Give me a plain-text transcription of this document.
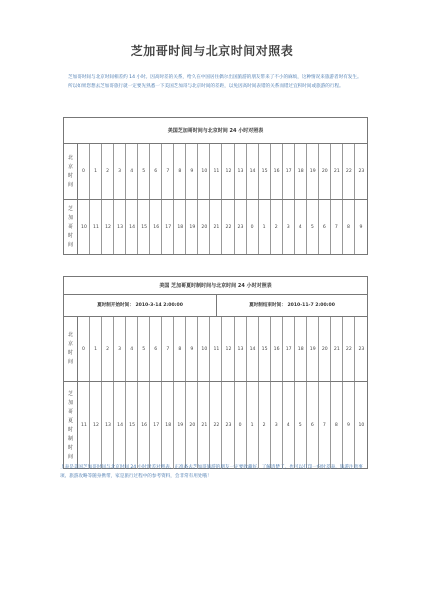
芝加哥时间与北京时间对照表
芝加哥时间与北京时间相差约 14 小时。因高时差的关系，给久在中国居住偶尔出国旅游的朋友带来了不小的麻烦，这种情况来旅游者时有发生。所以如果您想去芝加哥旅行就一定要先熟悉一下美国芝加哥与北京时间的差距，以免因高时间表错的关系而错过宜积时间或旅游的行程。
美国芝加哥时间与北京时间 24 小时对照表
北京时间
0 1 2 3 4 5 6 7 8 9 10 11 12 13 14 15 16 17 18 19 20 21 22 23
芝加哥时间
10 11 12 13 14 15 16 17 18 19 20 21 22 23 0 1 2 3 4 5 6 7 8 9
美国 芝加哥夏时制时间与北京时间 24 小时对照表
夏时制开始时间： 2010-3-14 2:00:00	夏时制结束时间： 2010-11-7 2:00:00
北京时间
0 1 2 3 4 5 6 7 8 9 10 11 12 13 14 15 16 17 18 19 20 21 22 23
芝加哥夏时制时间
11 12 13 14 15 16 17 18 19 20 21 22 23 0 1 2 3 4 5 6 7 8 9 10
上表是美国芝加哥时间与北京时间 24 小时时差对照表，正准备去芝加哥旅游的朋友一定要收藏好，了解清楚了，也可以打印一份时差表，旅游注意事项、旅游攻略等随身携带，家是旅行过程中的参考资料，会非常有用处哦！
